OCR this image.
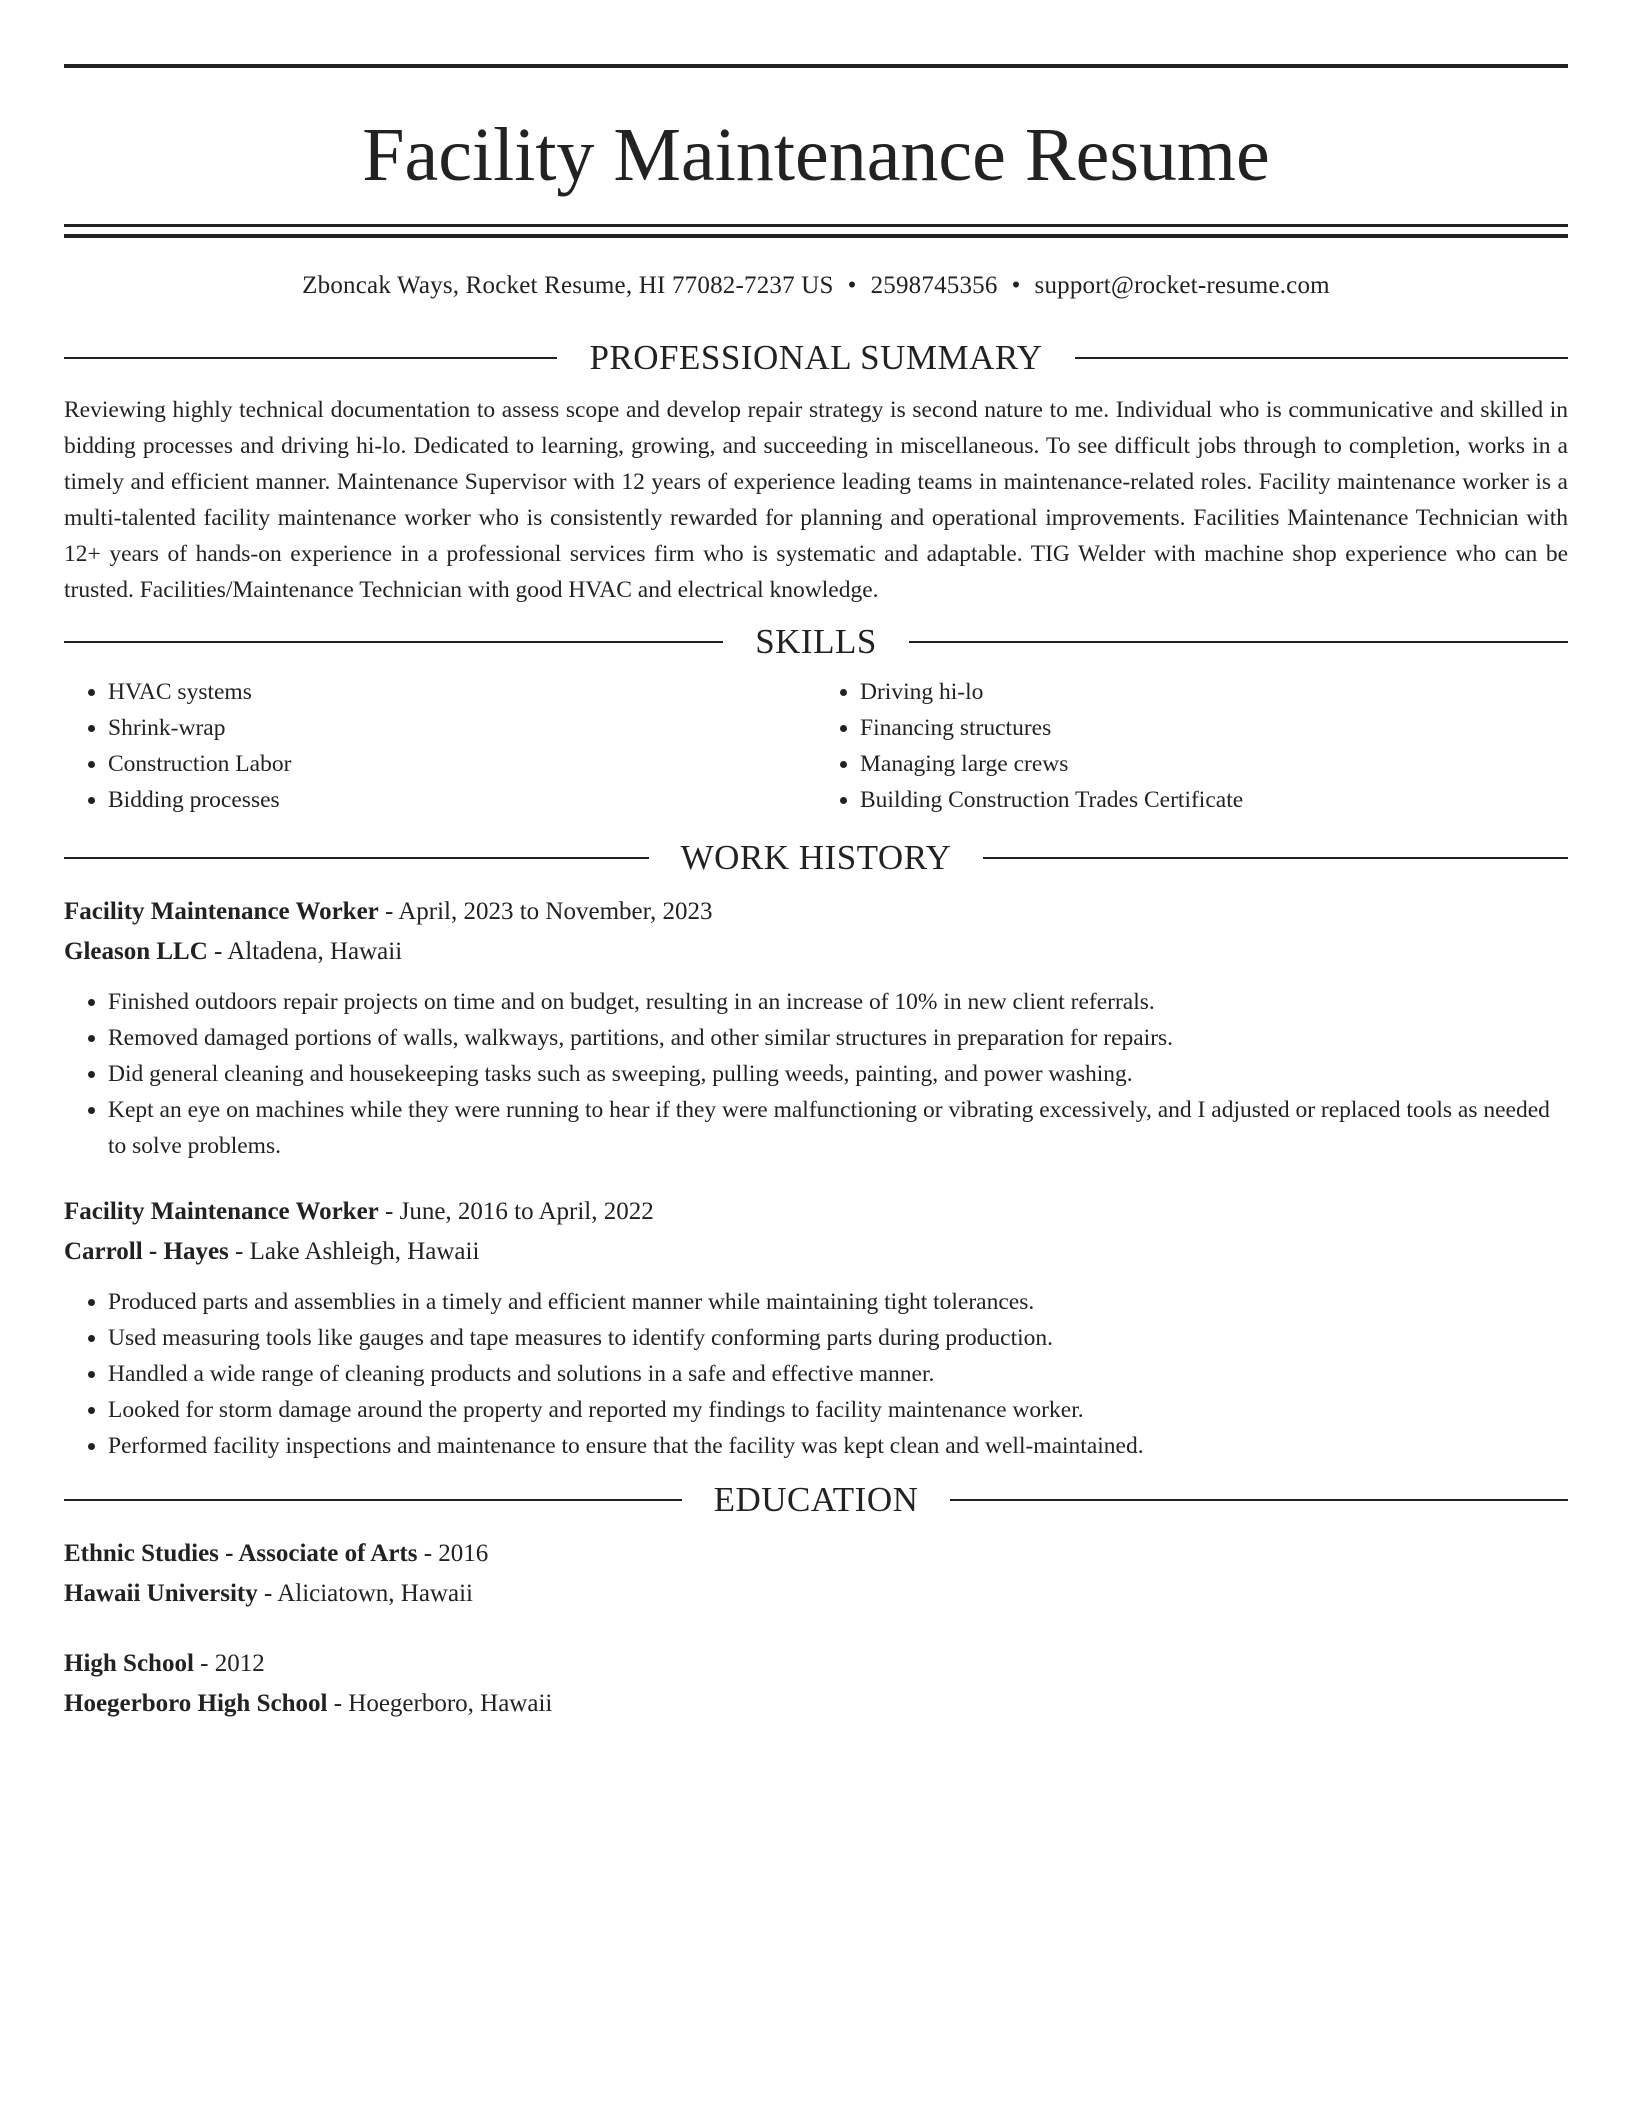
Facility Maintenance Resume
Zboncak Ways, Rocket Resume, HI 77082-7237 US • 2598745356 • support@rocket-resume.com
PROFESSIONAL SUMMARY
Reviewing highly technical documentation to assess scope and develop repair strategy is second nature to me. Individual who is communicative and skilled in bidding processes and driving hi-lo. Dedicated to learning, growing, and succeeding in miscellaneous. To see difficult jobs through to completion, works in a timely and efficient manner. Maintenance Supervisor with 12 years of experience leading teams in maintenance-related roles. Facility maintenance worker is a multi-talented facility maintenance worker who is consistently rewarded for planning and operational improvements. Facilities Maintenance Technician with 12+ years of hands-on experience in a professional services firm who is systematic and adaptable. TIG Welder with machine shop experience who can be trusted. Facilities/Maintenance Technician with good HVAC and electrical knowledge.
SKILLS
• HVAC systems
• Shrink-wrap
• Construction Labor
• Bidding processes
• Driving hi-lo
• Financing structures
• Managing large crews
• Building Construction Trades Certificate
WORK HISTORY
Facility Maintenance Worker - April, 2023 to November, 2023
Gleason LLC - Altadena, Hawaii
• Finished outdoors repair projects on time and on budget, resulting in an increase of 10% in new client referrals.
• Removed damaged portions of walls, walkways, partitions, and other similar structures in preparation for repairs.
• Did general cleaning and housekeeping tasks such as sweeping, pulling weeds, painting, and power washing.
• Kept an eye on machines while they were running to hear if they were malfunctioning or vibrating excessively, and I adjusted or replaced tools as needed to solve problems.
Facility Maintenance Worker - June, 2016 to April, 2022
Carroll - Hayes - Lake Ashleigh, Hawaii
• Produced parts and assemblies in a timely and efficient manner while maintaining tight tolerances.
• Used measuring tools like gauges and tape measures to identify conforming parts during production.
• Handled a wide range of cleaning products and solutions in a safe and effective manner.
• Looked for storm damage around the property and reported my findings to facility maintenance worker.
• Performed facility inspections and maintenance to ensure that the facility was kept clean and well-maintained.
EDUCATION
Ethnic Studies - Associate of Arts - 2016
Hawaii University - Aliciatown, Hawaii
High School - 2012
Hoegerboro High School - Hoegerboro, Hawaii
